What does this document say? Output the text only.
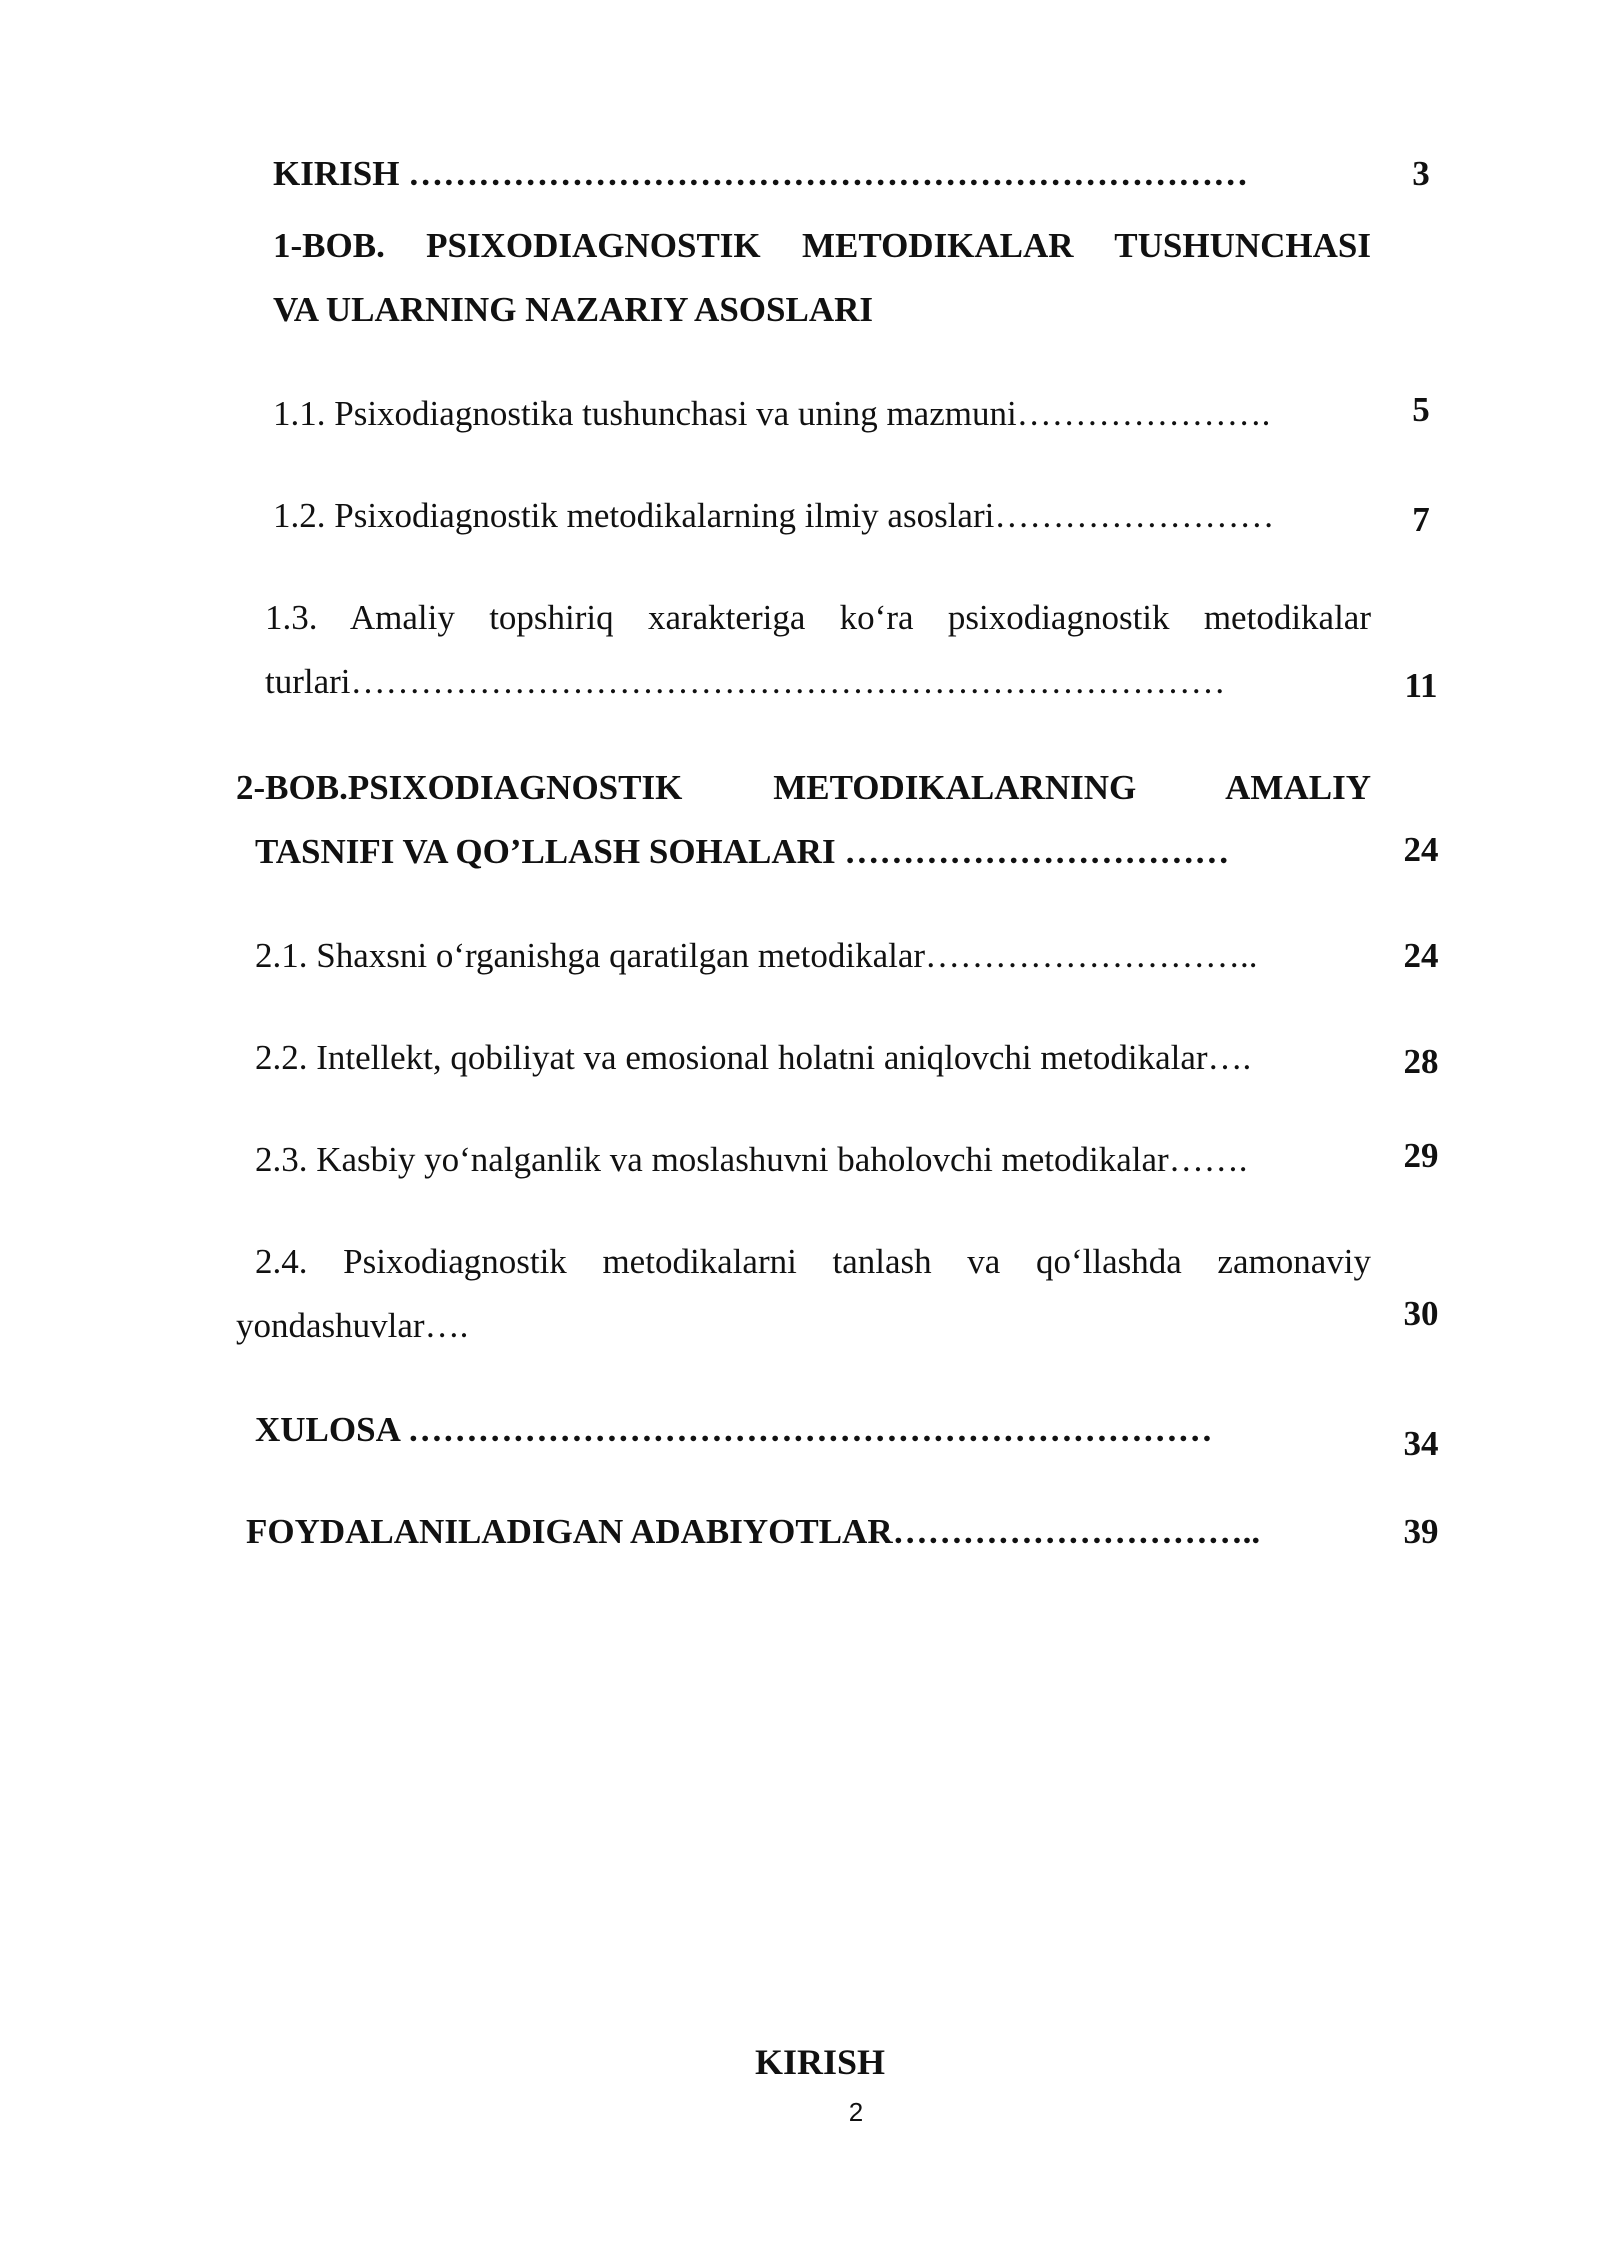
KIRISH ………………………………………………………………	3
1-BOB. PSIXODIAGNOSTIK METODIKALAR TUSHUNCHASI
VA ULARNING NAZARIY ASOSLARI
1.1. Psixodiagnostika tushunchasi va uning mazmuni………………….	5
1.2. Psixodiagnostik metodikalarning ilmiy asoslari……………………	7
1.3. Amaliy topshiriq xarakteriga ko‘ra psixodiagnostik metodikalar
turlari…………………………………………………………………	11
2-BOB.PSIXODIAGNOSTIK METODIKALARNING AMALIY
TASNIFI VA QO’LLASH SOHALARI ……………………………	24
2.1. Shaxsni o‘rganishga qaratilgan metodikalar………………………..	24
2.2. Intellekt, qobiliyat va emosional holatni aniqlovchi metodikalar….	28
2.3. Kasbiy yo‘nalganlik va moslashuvni baholovchi metodikalar…….	29
2.4. Psixodiagnostik metodikalarni tanlash va qo‘llashda zamonaviy
yondashuvlar….	30
XULOSA ……………………………………………………………	34
FOYDALANILADIGAN ADABIYOTLAR…………………………..	39
KIRISH
2
